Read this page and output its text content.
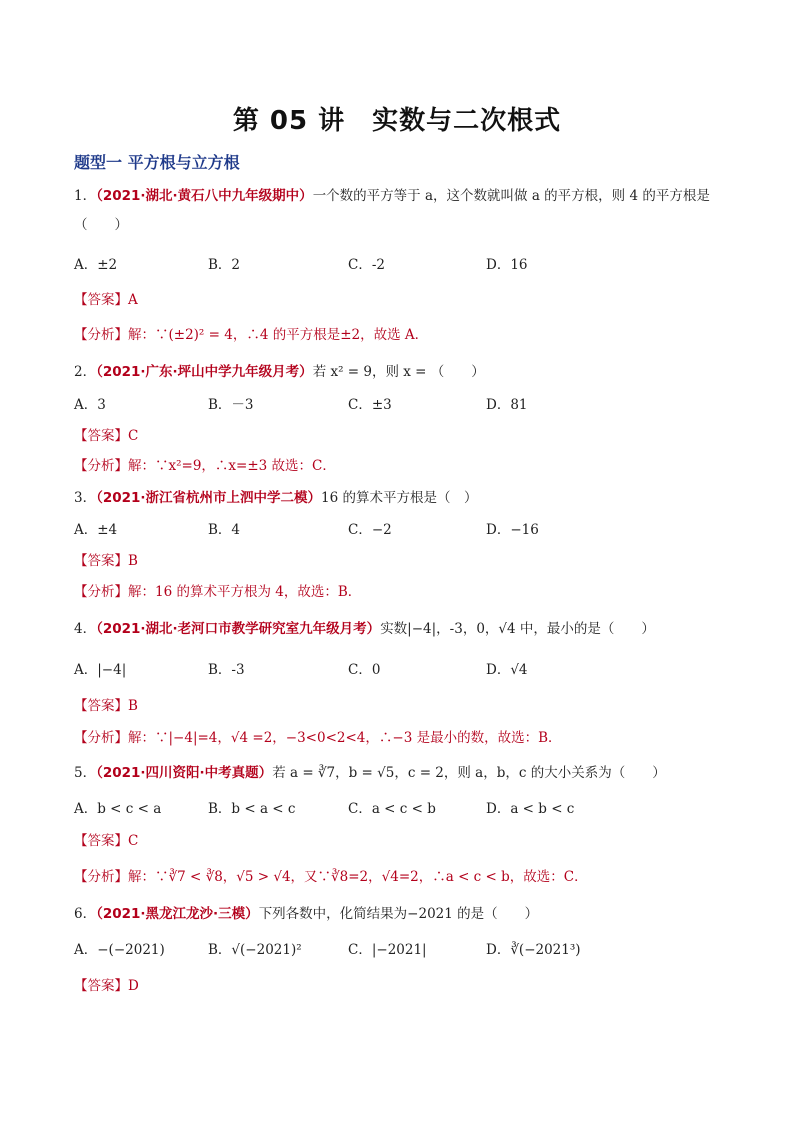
第 05 讲　实数与二次根式
题型一 平方根与立方根
1．（2021·湖北·黄石八中九年级期中）一个数的平方等于 a，这个数就叫做 a 的平方根，则 4 的平方根是
（　　）
A．±2	B．2	C．-2	D．16
【答案】A
【分析】解：∵(±2)² = 4，∴4 的平方根是±2，故选 A．
2．（2021·广东·坪山中学九年级月考）若 x² = 9，则 x = （　　）
A．3	B．－3	C．±3	D．81
【答案】C
【分析】解：∵x²=9，∴x=±3 故选：C．
3．（2021·浙江省杭州市上泗中学二模）16 的算术平方根是（　）
A．±4	B．4	C．−2	D．−16
【答案】B
【分析】解：16 的算术平方根为 4，故选：B．
4．（2021·湖北·老河口市教学研究室九年级月考）实数|−4|，-3，0，√4 中，最小的是（　　）
A．|−4|	B．-3	C．0	D．√4
【答案】B
【分析】解：∵|−4|=4，√4 =2，−3<0<2<4，∴−3 是最小的数，故选：B．
5．（2021·四川资阳·中考真题）若 a = ∛7，b = √5，c = 2，则 a，b，c 的大小关系为（　　）
A．b < c < a	B．b < a < c	C．a < c < b	D．a < b < c
【答案】C
【分析】解：∵∛7 < ∛8，√5 > √4，又∵∛8=2，√4=2，∴a < c < b，故选：C．
6．（2021·黑龙江龙沙·三模）下列各数中，化简结果为−2021 的是（　　）
A．−(−2021)	B．√(−2021)²	C．|−2021|	D．∛(−2021³)
【答案】D
